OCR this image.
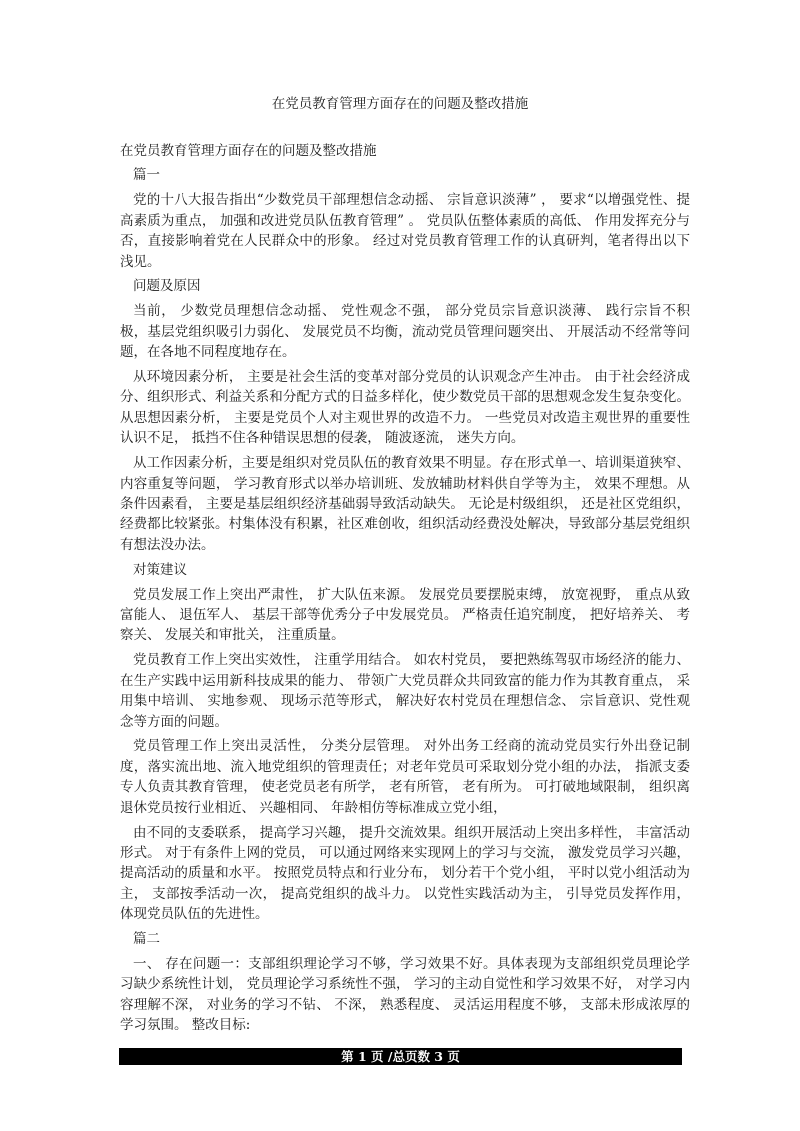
在党员教育管理方面存在的问题及整改措施

在党员教育管理方面存在的问题及整改措施

篇一

党的十八大报告指出“少数党员干部理想信念动摇、 宗旨意识淡薄” ， 要求“以增强党性、提高素质为重点， 加强和改进党员队伍教育管理” 。 党员队伍整体素质的高低、 作用发挥充分与否，直接影响着党在人民群众中的形象。 经过对党员教育管理工作的认真研判，笔者得出以下浅见。

问题及原因

当前， 少数党员理想信念动摇、 党性观念不强， 部分党员宗旨意识淡薄、 践行宗旨不积极，基层党组织吸引力弱化、 发展党员不均衡，流动党员管理问题突出、 开展活动不经常等问题，在各地不同程度地存在。

从环境因素分析， 主要是社会生活的变革对部分党员的认识观念产生冲击。 由于社会经济成分、组织形式、利益关系和分配方式的日益多样化，使少数党员干部的思想观念发生复杂变化。从思想因素分析， 主要是党员个人对主观世界的改造不力。 一些党员对改造主观世界的重要性认识不足， 抵挡不住各种错误思想的侵袭， 随波逐流， 迷失方向。

从工作因素分析，主要是组织对党员队伍的教育效果不明显。存在形式单一、培训渠道狭窄、内容重复等问题， 学习教育形式以举办培训班、发放辅助材料供自学等为主， 效果不理想。从条件因素看， 主要是基层组织经济基础弱导致活动缺失。 无论是村级组织， 还是社区党组织，经费都比较紧张。村集体没有积累，社区难创收，组织活动经费没处解决，导致部分基层党组织有想法没办法。

对策建议

党员发展工作上突出严肃性， 扩大队伍来源。 发展党员要摆脱束缚， 放宽视野， 重点从致富能人、 退伍军人、 基层干部等优秀分子中发展党员。 严格责任追究制度， 把好培养关、 考察关、 发展关和审批关， 注重质量。

党员教育工作上突出实效性， 注重学用结合。 如农村党员， 要把熟练驾驭市场经济的能力、在生产实践中运用新科技成果的能力、 带领广大党员群众共同致富的能力作为其教育重点， 采用集中培训、 实地参观、 现场示范等形式， 解决好农村党员在理想信念、 宗旨意识、党性观念等方面的问题。

党员管理工作上突出灵活性， 分类分层管理。 对外出务工经商的流动党员实行外出登记制度，落实流出地、流入地党组织的管理责任；对老年党员可采取划分党小组的办法， 指派支委专人负责其教育管理， 使老党员老有所学， 老有所管， 老有所为。 可打破地域限制， 组织离退休党员按行业相近、 兴趣相同、 年龄相仿等标准成立党小组，

由不同的支委联系， 提高学习兴趣， 提升交流效果。组织开展活动上突出多样性， 丰富活动形式。 对于有条件上网的党员， 可以通过网络来实现网上的学习与交流， 激发党员学习兴趣，提高活动的质量和水平。 按照党员特点和行业分布， 划分若干个党小组， 平时以党小组活动为主， 支部按季活动一次， 提高党组织的战斗力。 以党性实践活动为主， 引导党员发挥作用，体现党员队伍的先进性。

篇二

一、 存在问题一：支部组织理论学习不够，学习效果不好。具体表现为支部组织党员理论学习缺少系统性计划， 党员理论学习系统性不强， 学习的主动自觉性和学习效果不好， 对学习内容理解不深， 对业务的学习不钻、 不深， 熟悉程度、 灵活运用程度不够， 支部未形成浓厚的学习氛围。 整改目标:

第 1 页 /总页数 3 页
